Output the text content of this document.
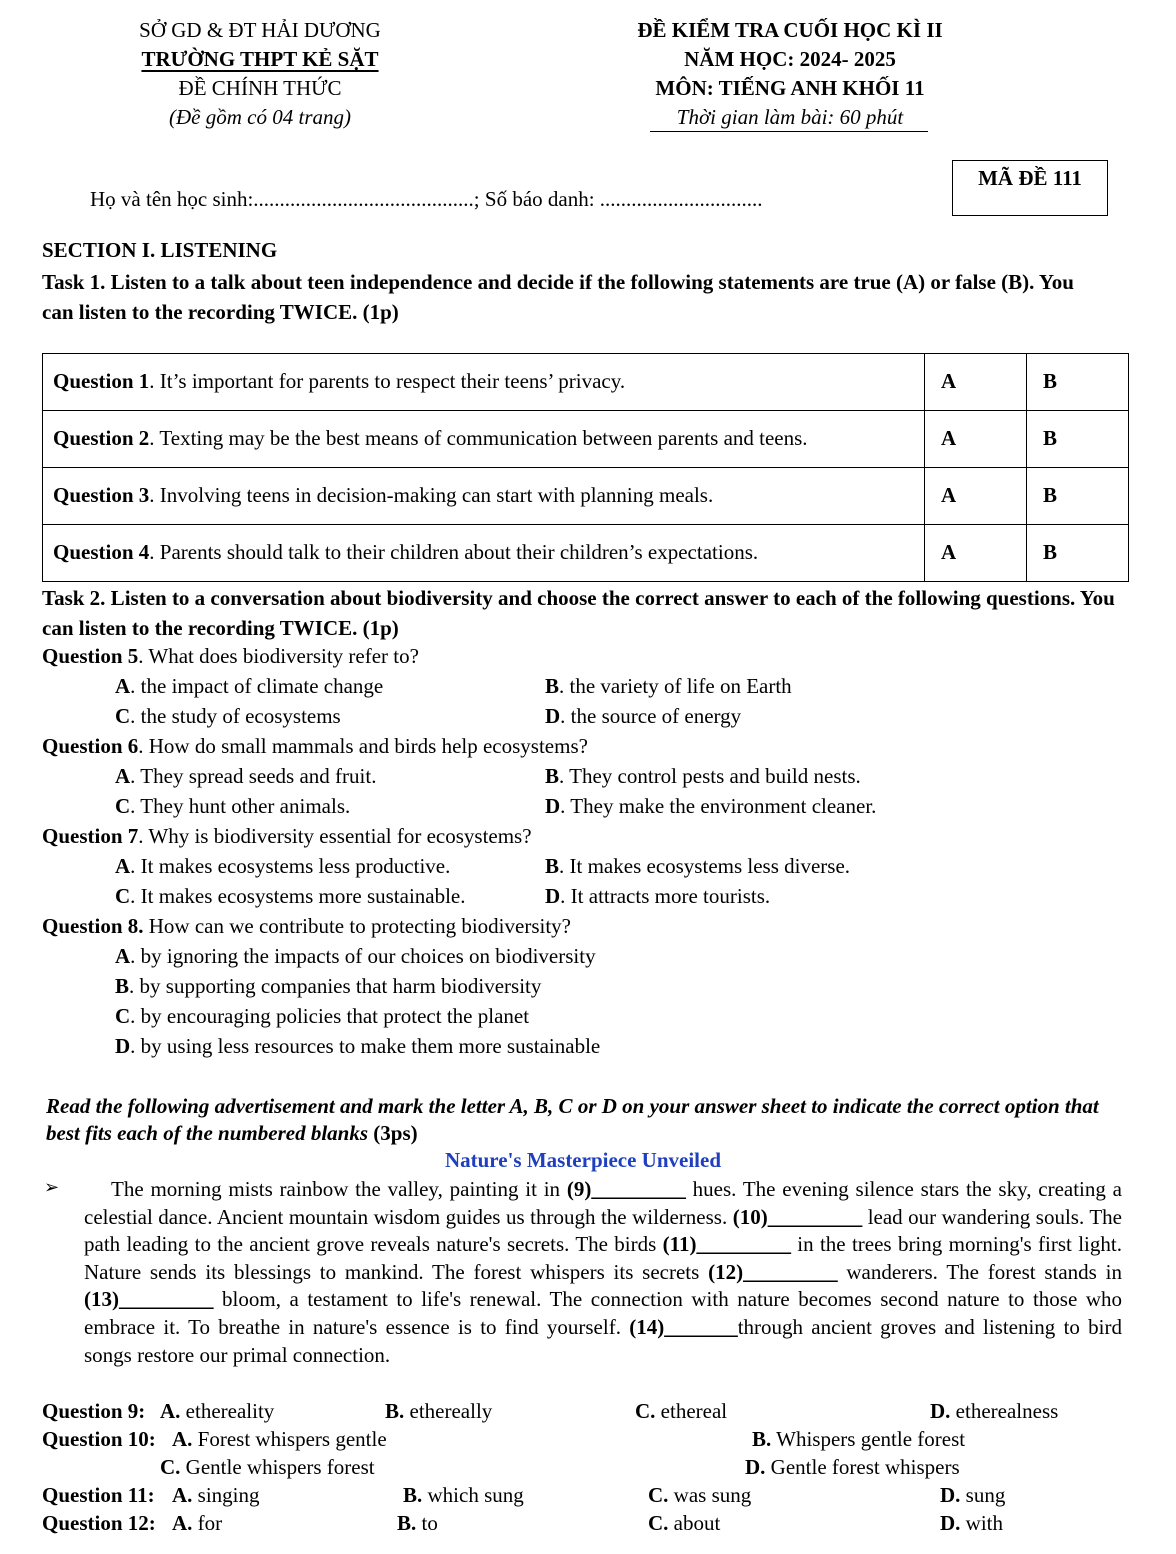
SỞ GD & ĐT HẢI DƯƠNG
TRƯỜNG THPT KẺ SẶT
ĐỀ CHÍNH THỨC
(Đề gồm có 04 trang)
ĐỀ KIỂM TRA CUỐI HỌC KÌ II
NĂM HỌC: 2024- 2025
MÔN: TIẾNG ANH KHỐI 11
Thời gian làm bài: 60 phút
MÃ ĐỀ 111
Họ và tên học sinh:..........................................; Số báo danh: ...............................
SECTION I. LISTENING
Task 1. Listen to a talk about teen independence and decide if the following statements are true (A) or false (B). You can listen to the recording TWICE. (1p)
Question 1. It’s important for parents to respect their teens’ privacy.	A	B
Question 2. Texting may be the best means of communication between parents and teens.	A	B
Question 3. Involving teens in decision-making can start with planning meals.	A	B
Question 4. Parents should talk to their children about their children’s expectations.	A	B
Task 2. Listen to a conversation about biodiversity and choose the correct answer to each of the following questions. You can listen to the recording TWICE. (1p)
Question 5. What does biodiversity refer to?
A. the impact of climate change	B. the variety of life on Earth
C. the study of ecosystems	D. the source of energy
Question 6. How do small mammals and birds help ecosystems?
A. They spread seeds and fruit.	B. They control pests and build nests.
C. They hunt other animals.	D. They make the environment cleaner.
Question 7. Why is biodiversity essential for ecosystems?
A. It makes ecosystems less productive.	B. It makes ecosystems less diverse.
C. It makes ecosystems more sustainable.	D. It attracts more tourists.
Question 8. How can we contribute to protecting biodiversity?
A. by ignoring the impacts of our choices on biodiversity
B. by supporting companies that harm biodiversity
C. by encouraging policies that protect the planet
D. by using less resources to make them more sustainable
Read the following advertisement and mark the letter A, B, C or D on your answer sheet to indicate the correct option that best fits each of the numbered blanks (3ps)
Nature's Masterpiece Unveiled
➢	The morning mists rainbow the valley, painting it in (9)_________ hues. The evening silence stars the sky, creating a celestial dance. Ancient mountain wisdom guides us through the wilderness. (10)_________ lead our wandering souls. The path leading to the ancient grove reveals nature's secrets. The birds (11)_________ in the trees bring morning's first light. Nature sends its blessings to mankind. The forest whispers its secrets (12)_________ wanderers. The forest stands in (13)_________ bloom, a testament to life's renewal. The connection with nature becomes second nature to those who embrace it. To breathe in nature's essence is to find yourself. (14)_______through ancient groves and listening to bird songs restore our primal connection.
Question 9: A. ethereality	B. ethereally	C. ethereal	D. etherealness
Question 10: A. Forest whispers gentle	B. Whispers gentle forest
C. Gentle whispers forest	D. Gentle forest whispers
Question 11: A. singing	B. which sung	C. was sung	D. sung
Question 12: A. for	B. to	C. about	D. with
